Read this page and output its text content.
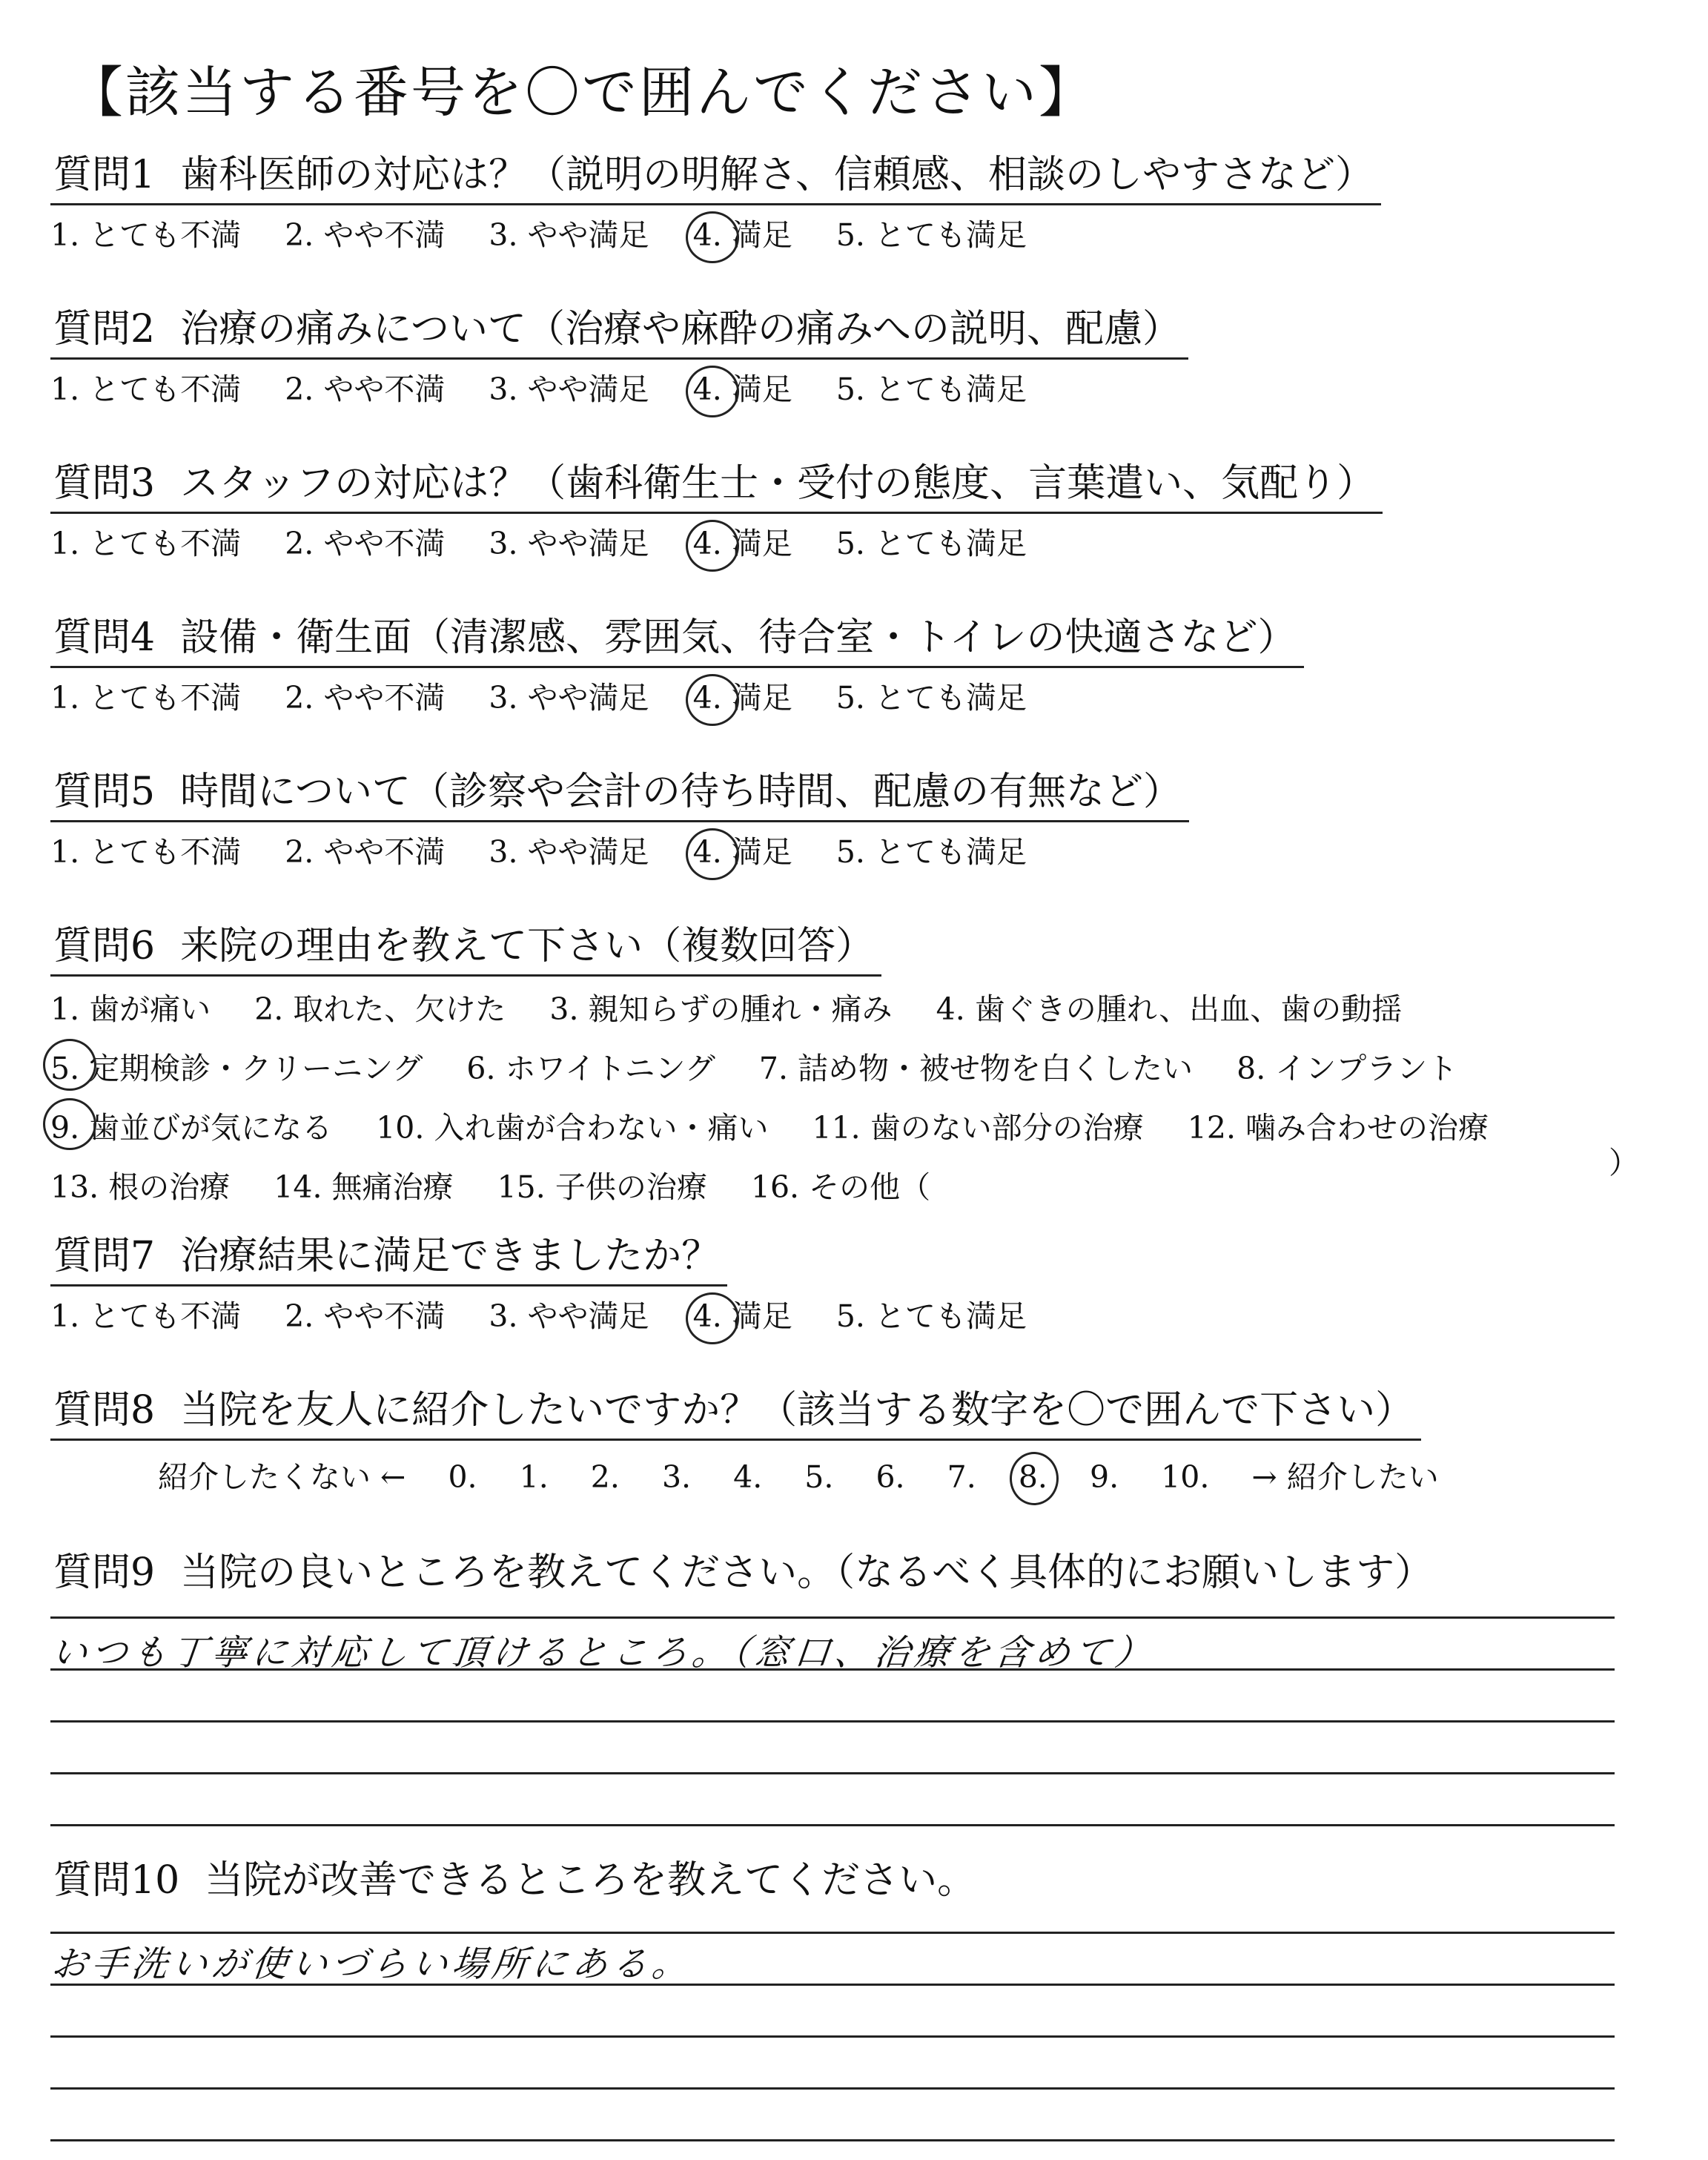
【該当する番号を〇で囲んでください】
質問1 歯科医師の対応は？（説明の明解さ、信頼感、相談のしやすさなど）
1. とても不満 2. やや不満 3. やや満足 4. 満足 5. とても満足
質問2 治療の痛みについて（治療や麻酔の痛みへの説明、配慮）
1. とても不満 2. やや不満 3. やや満足 4. 満足 5. とても満足
質問3 スタッフの対応は？（歯科衛生士・受付の態度、言葉遣い、気配り）
1. とても不満 2. やや不満 3. やや満足 4. 満足 5. とても満足
質問4 設備・衛生面（清潔感、雰囲気、待合室・トイレの快適さなど）
1. とても不満 2. やや不満 3. やや満足 4. 満足 5. とても満足
質問5 時間について（診察や会計の待ち時間、配慮の有無など）
1. とても不満 2. やや不満 3. やや満足 4. 満足 5. とても満足
質問6 来院の理由を教えて下さい（複数回答）
1. 歯が痛い 2. 取れた、欠けた 3. 親知らずの腫れ・痛み 4. 歯ぐきの腫れ、出血、歯の動揺
5. 定期検診・クリーニング 6. ホワイトニング 7. 詰め物・被せ物を白くしたい 8. インプラント
9. 歯並びが気になる 10. 入れ歯が合わない・痛い 11. 歯のない部分の治療 12. 噛み合わせの治療
13. 根の治療 14. 無痛治療 15. 子供の治療 16. その他（
）
質問7 治療結果に満足できましたか？
1. とても不満 2. やや不満 3. やや満足 4. 満足 5. とても満足
質問8 当院を友人に紹介したいですか？（該当する数字を〇で囲んで下さい）
紹介したくない ← 0. 1. 2. 3. 4. 5. 6. 7. 8. 9. 10. → 紹介したい
質問9 当院の良いところを教えてください。（なるべく具体的にお願いします）
いつも丁寧に対応して頂けるところ。（窓口、治療を含めて）
質問10 当院が改善できるところを教えてください。
お手洗いが使いづらい場所にある。
